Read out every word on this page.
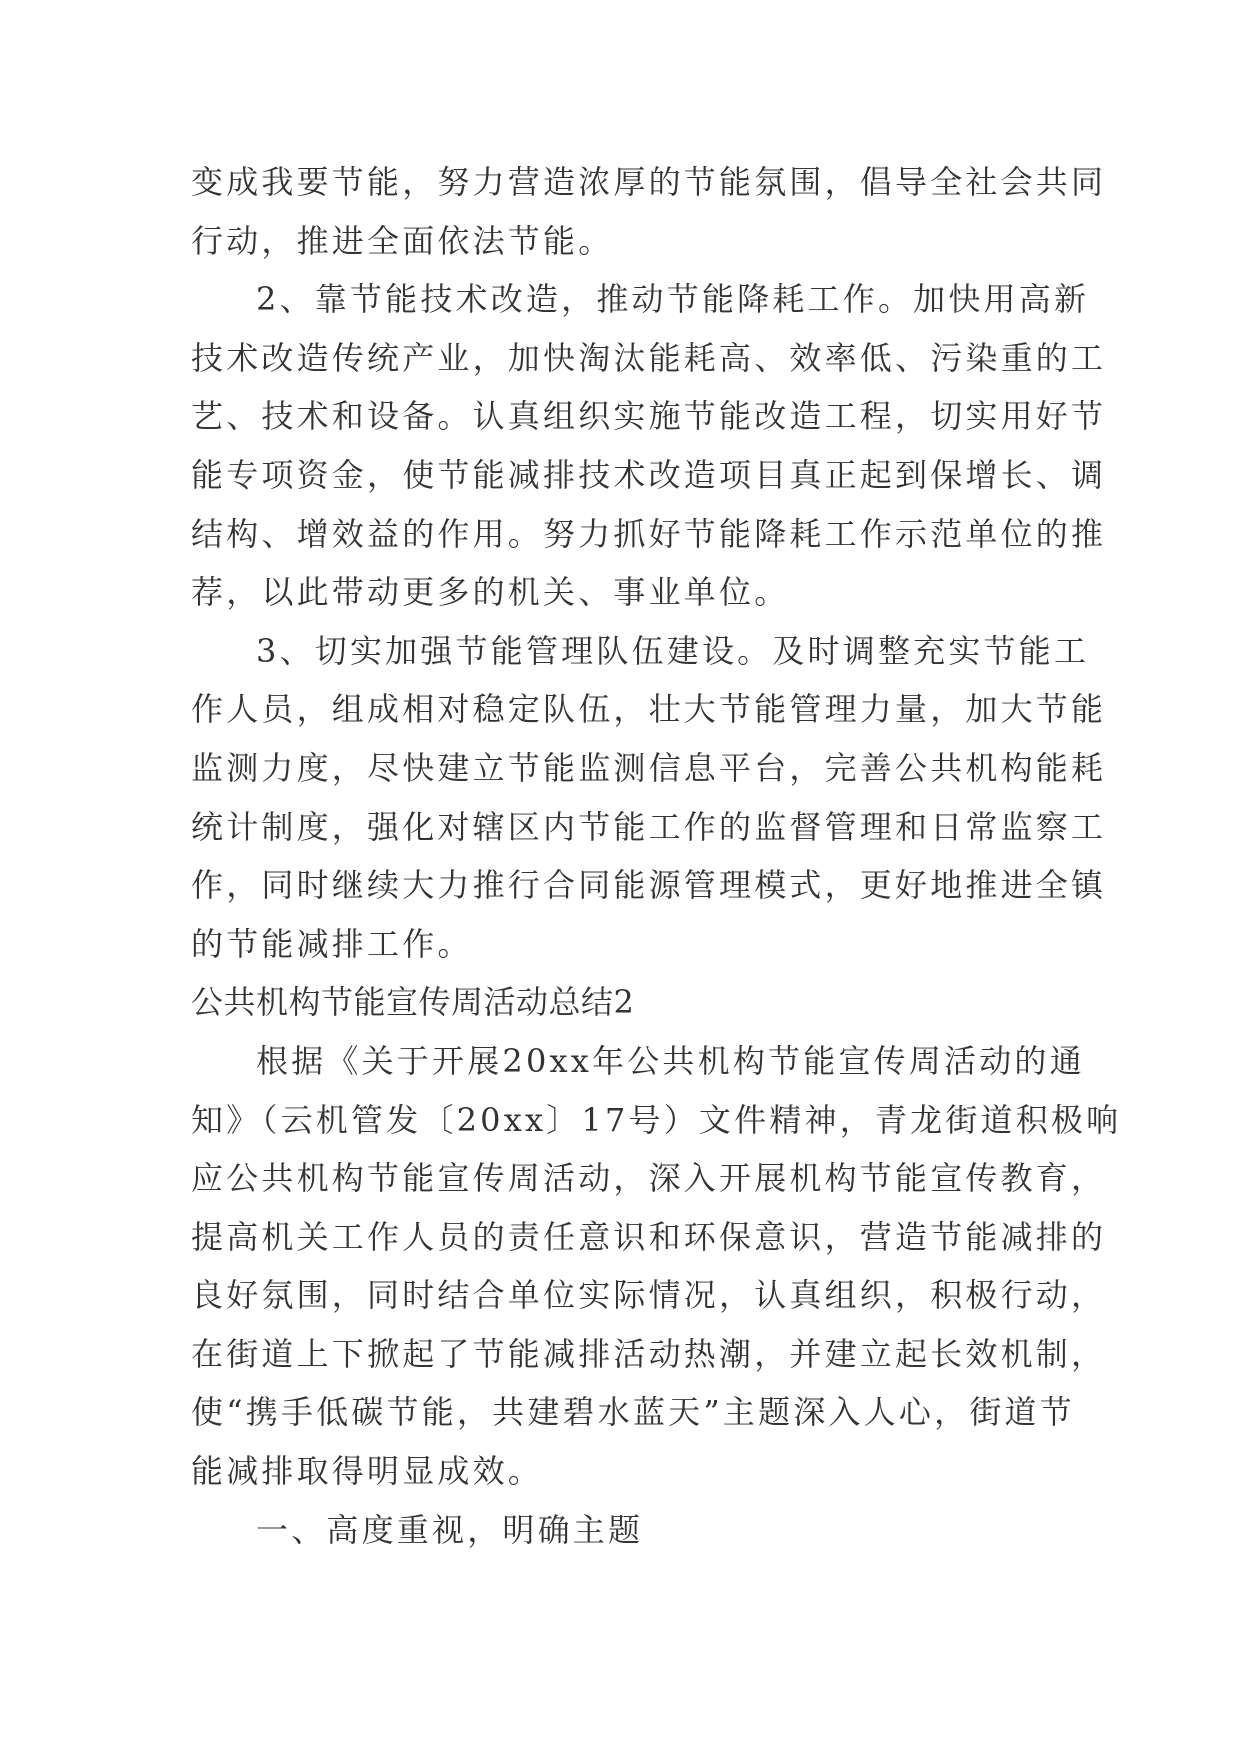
变成我要节能，努力营造浓厚的节能氛围，倡导全社会共同

行动，推进全面依法节能。

2、靠节能技术改造，推动节能降耗工作。加快用高新

技术改造传统产业，加快淘汰能耗高、效率低、污染重的工

艺、技术和设备。认真组织实施节能改造工程，切实用好节

能专项资金，使节能减排技术改造项目真正起到保增长、调

结构、增效益的作用。努力抓好节能降耗工作示范单位的推

荐，以此带动更多的机关、事业单位。

3、切实加强节能管理队伍建设。及时调整充实节能工

作人员，组成相对稳定队伍，壮大节能管理力量，加大节能

监测力度，尽快建立节能监测信息平台，完善公共机构能耗

统计制度，强化对辖区内节能工作的监督管理和日常监察工

作，同时继续大力推行合同能源管理模式，更好地推进全镇

的节能减排工作。

公共机构节能宣传周活动总结2

根据《关于开展20xx年公共机构节能宣传周活动的通

知》（云机管发〔20xx〕17号）文件精神，青龙街道积极响

应公共机构节能宣传周活动，深入开展机构节能宣传教育，

提高机关工作人员的责任意识和环保意识，营造节能减排的

良好氛围，同时结合单位实际情况，认真组织，积极行动，

在街道上下掀起了节能减排活动热潮，并建立起长效机制，

使“携手低碳节能，共建碧水蓝天”主题深入人心，街道节

能减排取得明显成效。

一、高度重视，明确主题
